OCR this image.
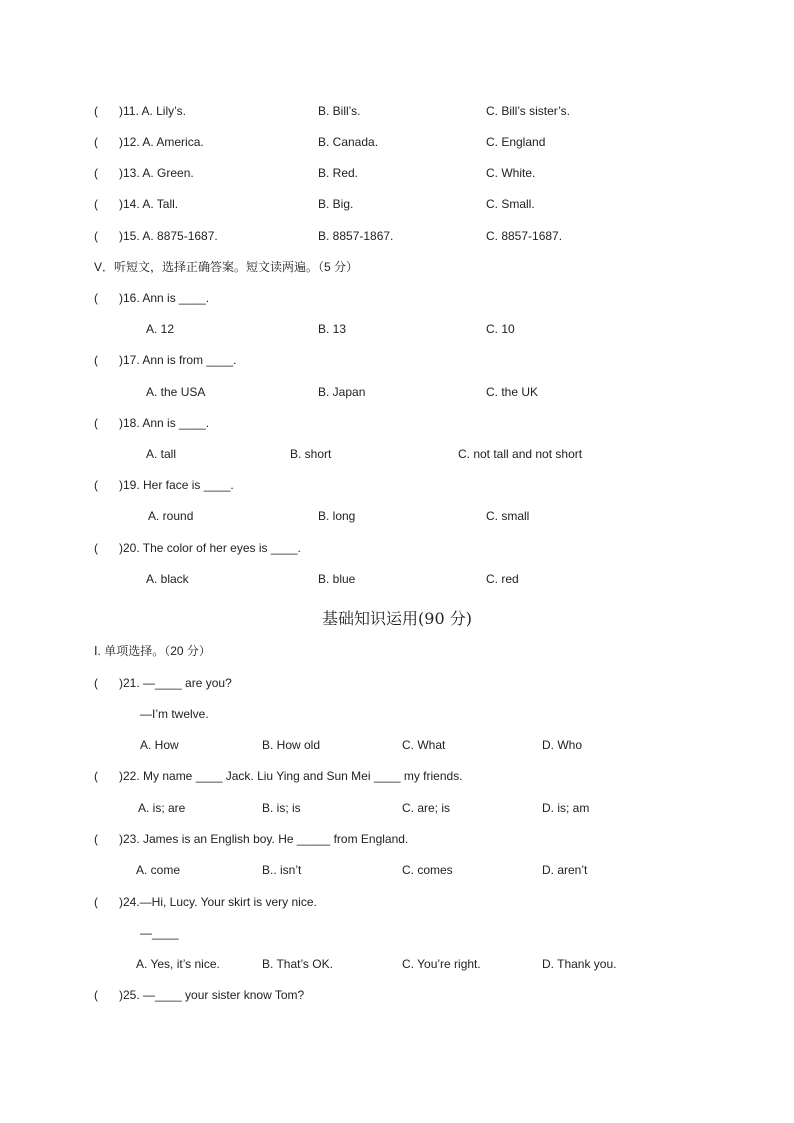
( )11. A. Lily’s.	B. Bill’s.	C. Bill’s sister’s.
( )12. A. America.	B. Canada.	C. England
( )13. A. Green.	B. Red.	C. White.
( )14. A. Tall.	B. Big.	C. Small.
( )15. A. 8875-1687.	B. 8857-1867.	C. 8857-1687.
V．听短文，选择正确答案。短文读两遍。（5 分）
( )16. Ann is ____.
A. 12	B. 13	C. 10
( )17. Ann is from ____.
A. the USA	B. Japan	C. the UK
( )18. Ann is ____.
A. tall	B. short	C. not tall and not short
( )19. Her face is ____.
A. round	B. long	C. small
( )20. The color of her eyes is ____.
A. black	B. blue	C. red
基础知识运用(90 分)
Ⅰ. 单项选择。（20 分）
( )21. —____ are you?
—I’m twelve.
A. How	B. How old	C. What	D. Who
( )22. My name ____ Jack. Liu Ying and Sun Mei ____ my friends.
A. is; are	B. is; is	C. are; is	D. is; am
( )23. James is an English boy. He _____ from England.
A. come	B.. isn’t	C. comes	D. aren’t
( )24.—Hi, Lucy. Your skirt is very nice.
—____
A. Yes, it’s nice.	B. That’s OK.	C. You’re right.	D. Thank you.
( )25. —____ your sister know Tom?
